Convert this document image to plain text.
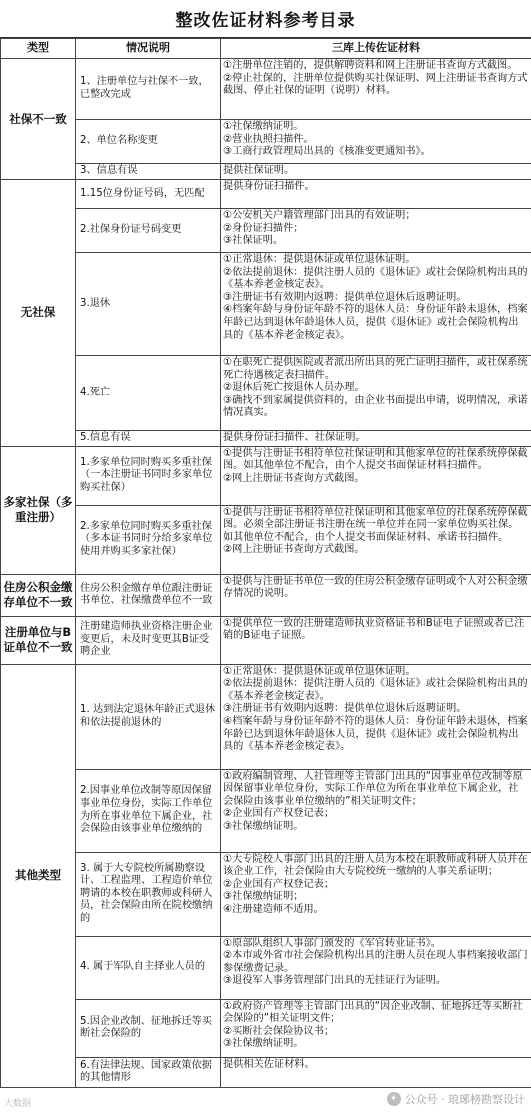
整改佐证材料参考目录
类型	情况说明	三库上传佐证材料
社保不一致	1、注册单位与社保不一致，已整改完成	①注册单位注销的，提供解聘资料和网上注册证书查询方式截图。
②停止社保的，注册单位提供购买社保证明、网上注册证书查询方式截图、停止社保的证明（说明）材料。

	2、单位名称变更	①社保缴纳证明。
②营业执照扫描件。
③工商行政管理局出具的《核准变更通知书》。

	3、信息有误	提供社保证明。

无社保	1.15位身份证号码，无匹配	提供身份证扫描件。

	2.社保身份证号码变更	①公安机关户籍管理部门出具的有效证明；
②身份证扫描件；
③社保证明。

	3.退休	①正常退休：提供退休证或单位退休证明。
②依法提前退休：提供注册人员的《退休证》或社会保险机构出具的《基本养老金核定表》。
③注册证书有效期内返聘：提供单位退休后返聘证明。
④档案年龄与身份证年龄不符的退休人员：身份证年龄未退休，档案年龄已达到退休年龄退休人员，提供《退休证》或社会保险机构出具的《基本养老金核定表》。

	4.死亡	①在职死亡提供医院或者派出所出具的死亡证明扫描件，或社保系统死亡待遇核定表扫描件。
②退休后死亡按退休人员办理。
③确找不到家属提供资料的，由企业书面提出申请，说明情况，承诺情况真实。

	5.信息有误	提供身份证扫描件、社保证明。

多家社保（多重注册）	1.多家单位同时购买多重社保（一本注册证书同时多家单位购买社保）	①提供与注册证书相符单位社保证明和其他家单位的社保系统停保截图。如其他单位不配合，由个人提交书面保证材料扫描件。
②网上注册证书查询方式截图。

	2.多家单位同时购买多重社保（多本证书同时分给多家单位使用并购买多家社保）	①提供与注册证书相符单位社保证明和其他家单位的社保系统停保截图。必须全部注册证书注册在统一单位并在同一家单位购买社保。如其他单位不配合，由个人提交书面保证材料、承诺书扫描件。
②网上注册证书查询方式截图。

住房公积金缴存单位不一致	住房公积金缴存单位跟注册证书单位、社保缴费单位不一致	①提供与注册证书单位一致的住房公积金缴存证明或个人对公积金缴存情况的说明。

注册单位与B证单位不一致	注册建造师执业资格注册企业变更后，未及时变更其B证受聘企业	①提供单位一致的注册建造师执业资格证书和B证电子证照或者已注销的B证电子证照。

其他类型	1. 达到法定退休年龄正式退休和依法提前退休的	①正常退休：提供退休证或单位退休证明。
②依法提前退休：提供注册人员的《退休证》或社会保险机构出具的《基本养老金核定表》。
③注册证书有效期内返聘：提供单位退休后返聘证明。
④档案年龄与身份证年龄不符的退休人员：身份证年龄未退休，档案年龄已达到退休年龄退休人员，提供《退休证》或社会保险机构出具的《基本养老金核定表》。

	2.因事业单位改制等原因保留事业单位身份，实际工作单位为所在事业单位下属企业，社会保险由该事业单位缴纳的	①政府编制管理、人社管理等主管部门出具的“因事业单位改制等原因保留事业单位身份，实际工作单位为所在事业单位下属企业，社会保险由该事业单位缴纳的”相关证明文件；
②企业国有产权登记表；
③社保缴纳证明。

	3. 属于大专院校所属勘察设计、工程监理、工程造价单位聘请的本校在职教师或科研人员，社会保险由所在院校缴纳的	①大专院校人事部门出具的注册人员为本校在职教师或科研人员并在该企业工作，社会保险由大专院校统一缴纳的人事关系证明；
②企业国有产权登记表；
③社保缴纳证明；
④注册建造师不适用。

	4. 属于军队自主择业人员的	①原部队组织人事部门颁发的《军官转业证书》。
②本市或外省市社会保险机构出具的注册人员在现人事档案接收部门参保缴费记录。
③退役军人事务管理部门出具的无挂证行为证明。

	5.因企业改制、征地拆迁等买断社会保险的	①政府资产管理等主管部门出具的“因企业改制、征地拆迁等买断社会保险的”相关证明文件；
②买断社会保险协议书；
③社保缴纳证明。

	6.有法律法规、国家政策依据的其他情形	提供相关佐证材料。
大数据	✦ 公众号 · 琅琊榜勘察设计
